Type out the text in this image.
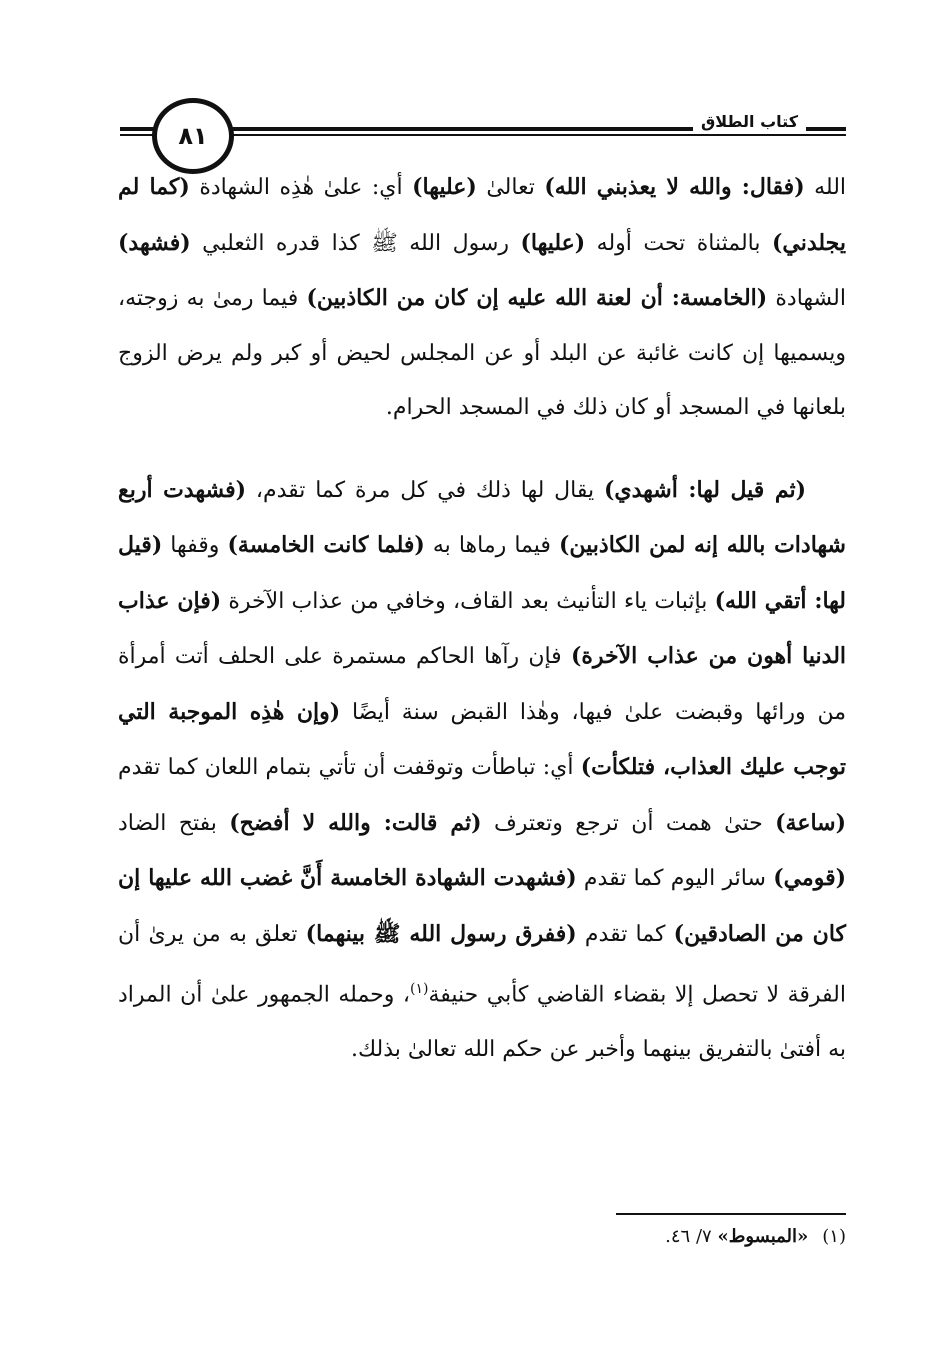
كتاب الطلاق
٨١

الله (فقال: والله لا يعذبني الله) تعالىٰ (عليها) أي: علىٰ هٰذِه الشهادة (كما لم يجلدني) بالمثناة تحت أوله (عليها) رسول الله ﷺ كذا قدره الثعلبي (فشهد) الشهادة (الخامسة: أن لعنة الله عليه إن كان من الكاذبين) فيما رمىٰ به زوجته، ويسميها إن كانت غائبة عن البلد أو عن المجلس لحيض أو كبر ولم يرض الزوج بلعانها في المسجد أو كان ذلك في المسجد الحرام.

(ثم قيل لها: أشهدي) يقال لها ذلك في كل مرة كما تقدم، (فشهدت أربع شهادات بالله إنه لمن الكاذبين) فيما رماها به (فلما كانت الخامسة) وقفها (قيل لها: أتقي الله) بإثبات ياء التأنيث بعد القاف، وخافي من عذاب الآخرة (فإن عذاب الدنيا أهون من عذاب الآخرة) فإن رآها الحاكم مستمرة على الحلف أتت أمرأة من ورائها وقبضت علىٰ فيها، وهٰذا القبض سنة أيضًا (وإن هٰذِه الموجبة التي توجب عليك العذاب، فتلكأت) أي: تباطأت وتوقفت أن تأتي بتمام اللعان كما تقدم (ساعة) حتىٰ همت أن ترجع وتعترف (ثم قالت: والله لا أفضح) بفتح الضاد (قومي) سائر اليوم كما تقدم (فشهدت الشهادة الخامسة أَنَّ غضب الله عليها إن كان من الصادقين) كما تقدم (ففرق رسول الله ﷺ بينهما) تعلق به من يرىٰ أن الفرقة لا تحصل إلا بقضاء القاضي كأبي حنيفة$^{(١)}$، وحمله الجمهور علىٰ أن المراد به أفتىٰ بالتفريق بينهما وأخبر عن حكم الله تعالىٰ بذلك.

(١)«المبسوط» ٧/ ٤٦.
